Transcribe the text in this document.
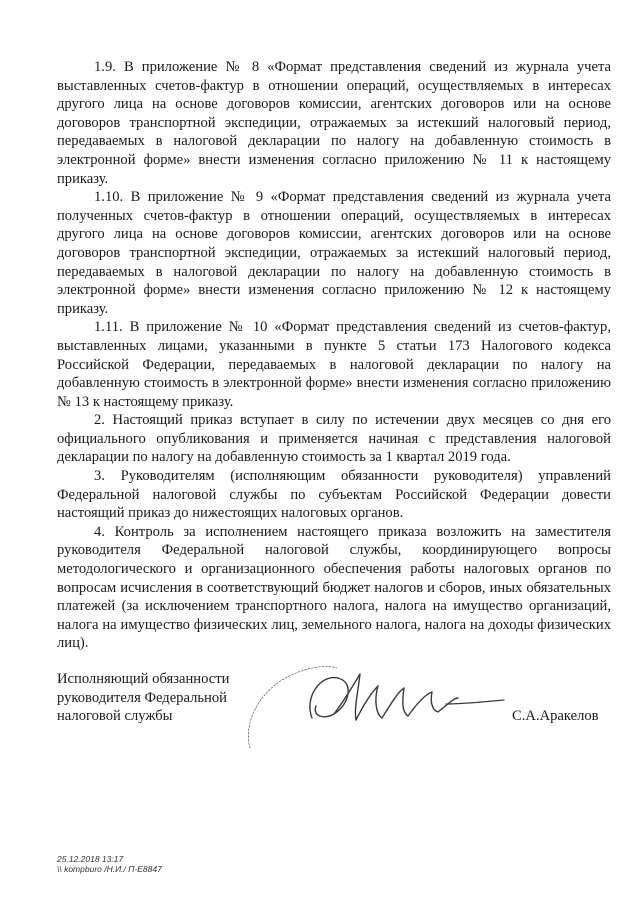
1.9. В приложение № 8 «Формат представления сведений из журнала учета выставленных счетов-фактур в отношении операций, осуществляемых в интересах другого лица на основе договоров комиссии, агентских договоров или на основе договоров транспортной экспедиции, отражаемых за истекший налоговый период, передаваемых в налоговой декларации по налогу на добавленную стоимость в электронной форме» внести изменения согласно приложению № 11 к настоящему приказу.

1.10. В приложение № 9 «Формат представления сведений из журнала учета полученных счетов-фактур в отношении операций, осуществляемых в интересах другого лица на основе договоров комиссии, агентских договоров или на основе договоров транспортной экспедиции, отражаемых за истекший налоговый период, передаваемых в налоговой декларации по налогу на добавленную стоимость в электронной форме» внести изменения согласно приложению № 12 к настоящему приказу.

1.11. В приложение № 10 «Формат представления сведений из счетов-фактур, выставленных лицами, указанными в пункте 5 статьи 173 Налогового кодекса Российской Федерации, передаваемых в налоговой декларации по налогу на добавленную стоимость в электронной форме» внести изменения согласно приложению № 13 к настоящему приказу.

2. Настоящий приказ вступает в силу по истечении двух месяцев со дня его официального опубликования и применяется начиная с представления налоговой декларации по налогу на добавленную стоимость за 1 квартал 2019 года.

3. Руководителям (исполняющим обязанности руководителя) управлений Федеральной налоговой службы по субъектам Российской Федерации довести настоящий приказ до нижестоящих налоговых органов.

4. Контроль за исполнением настоящего приказа возложить на заместителя руководителя Федеральной налоговой службы, координирующего вопросы методологического и организационного обеспечения работы налоговых органов по вопросам исчисления в соответствующий бюджет налогов и сборов, иных обязательных платежей (за исключением транспортного налога, налога на имущество организаций, налога на имущество физических лиц, земельного налога, налога на доходы физических лиц).

Исполняющий обязанности
руководителя Федеральной
налоговой службы	С.А.Аракелов
25.12.2018 13:17
\\ kompburo /Н.И./ П-Е8847
